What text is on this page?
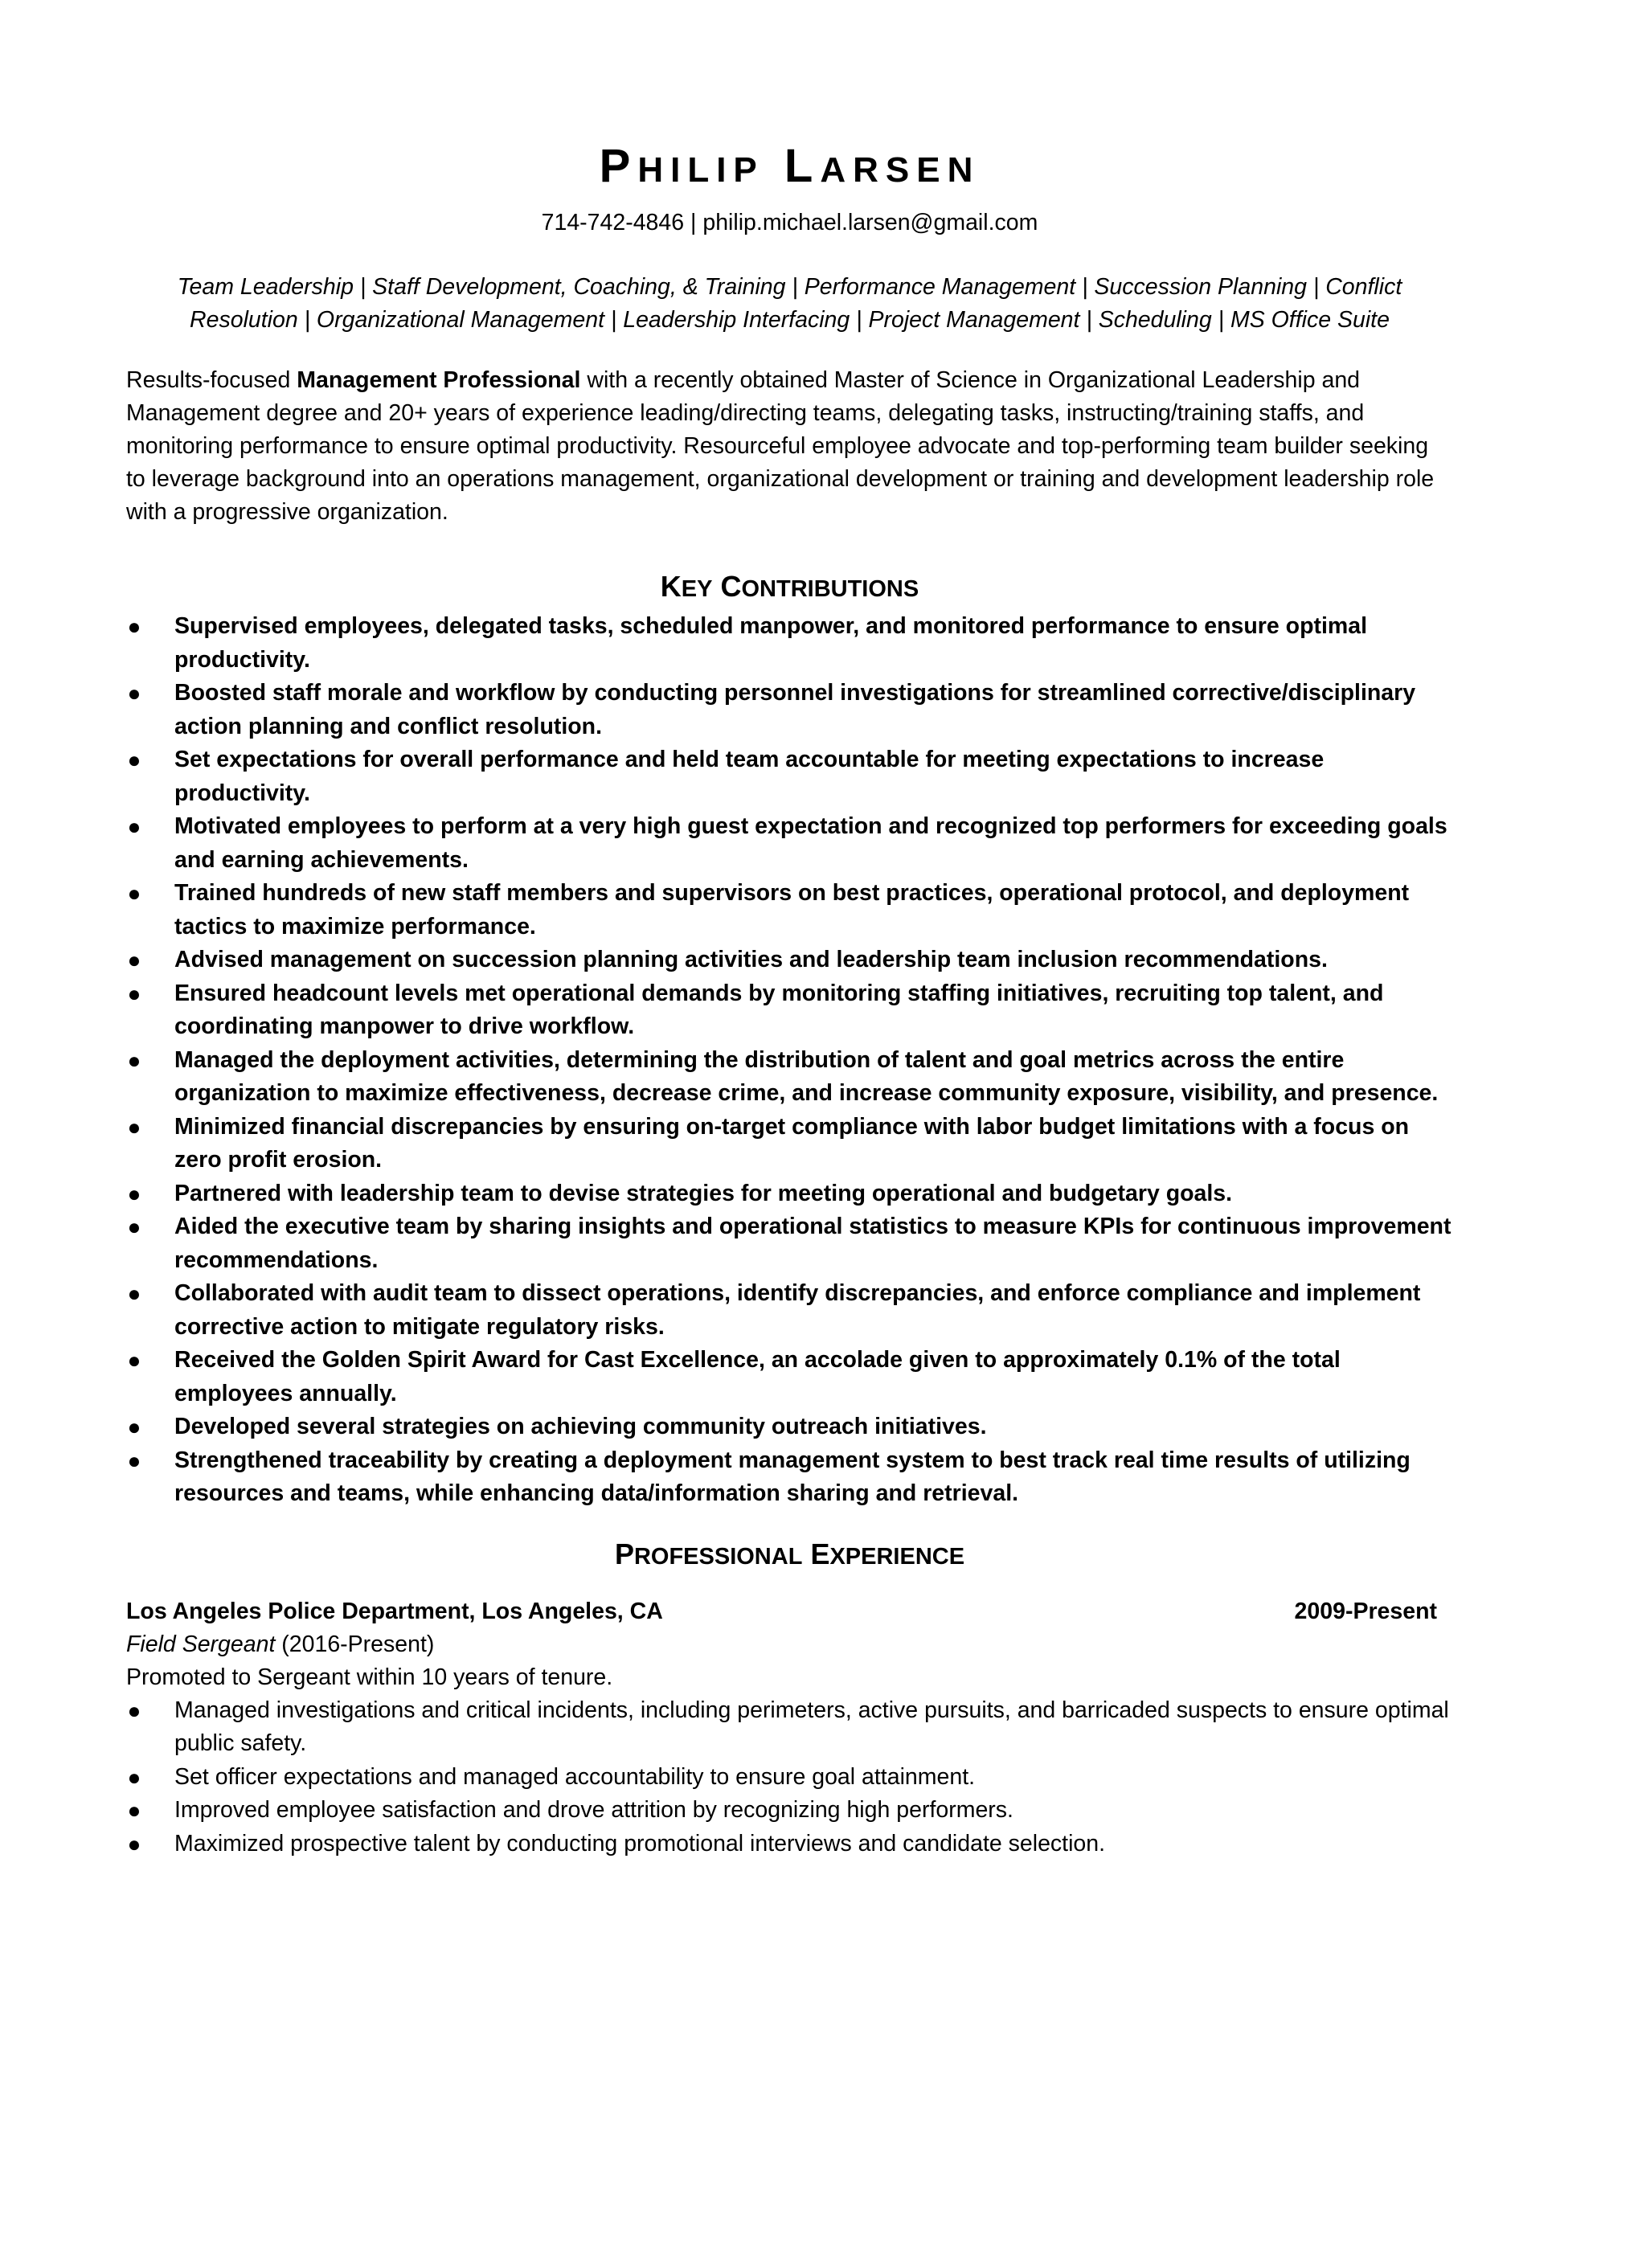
PHILIP LARSEN
714-742-4846 | philip.michael.larsen@gmail.com
Team Leadership | Staff Development, Coaching, & Training | Performance Management | Succession Planning | Conflict Resolution | Organizational Management | Leadership Interfacing | Project Management | Scheduling | MS Office Suite
Results-focused Management Professional with a recently obtained Master of Science in Organizational Leadership and Management degree and 20+ years of experience leading/directing teams, delegating tasks, instructing/training staffs, and monitoring performance to ensure optimal productivity. Resourceful employee advocate and top-performing team builder seeking to leverage background into an operations management, organizational development or training and development leadership role with a progressive organization.
KEY CONTRIBUTIONS
● Supervised employees, delegated tasks, scheduled manpower, and monitored performance to ensure optimal productivity.
● Boosted staff morale and workflow by conducting personnel investigations for streamlined corrective/disciplinary action planning and conflict resolution.
● Set expectations for overall performance and held team accountable for meeting expectations to increase productivity.
● Motivated employees to perform at a very high guest expectation and recognized top performers for exceeding goals and earning achievements.
● Trained hundreds of new staff members and supervisors on best practices, operational protocol, and deployment tactics to maximize performance.
● Advised management on succession planning activities and leadership team inclusion recommendations.
● Ensured headcount levels met operational demands by monitoring staffing initiatives, recruiting top talent, and coordinating manpower to drive workflow.
● Managed the deployment activities, determining the distribution of talent and goal metrics across the entire organization to maximize effectiveness, decrease crime, and increase community exposure, visibility, and presence.
● Minimized financial discrepancies by ensuring on-target compliance with labor budget limitations with a focus on zero profit erosion.
● Partnered with leadership team to devise strategies for meeting operational and budgetary goals.
● Aided the executive team by sharing insights and operational statistics to measure KPIs for continuous improvement recommendations.
● Collaborated with audit team to dissect operations, identify discrepancies, and enforce compliance and implement corrective action to mitigate regulatory risks.
● Received the Golden Spirit Award for Cast Excellence, an accolade given to approximately 0.1% of the total employees annually.
● Developed several strategies on achieving community outreach initiatives.
● Strengthened traceability by creating a deployment management system to best track real time results of utilizing resources and teams, while enhancing data/information sharing and retrieval.
PROFESSIONAL EXPERIENCE
Los Angeles Police Department, Los Angeles, CA	2009-Present
Field Sergeant (2016-Present)
Promoted to Sergeant within 10 years of tenure.
● Managed investigations and critical incidents, including perimeters, active pursuits, and barricaded suspects to ensure optimal public safety.
● Set officer expectations and managed accountability to ensure goal attainment.
● Improved employee satisfaction and drove attrition by recognizing high performers.
● Maximized prospective talent by conducting promotional interviews and candidate selection.
